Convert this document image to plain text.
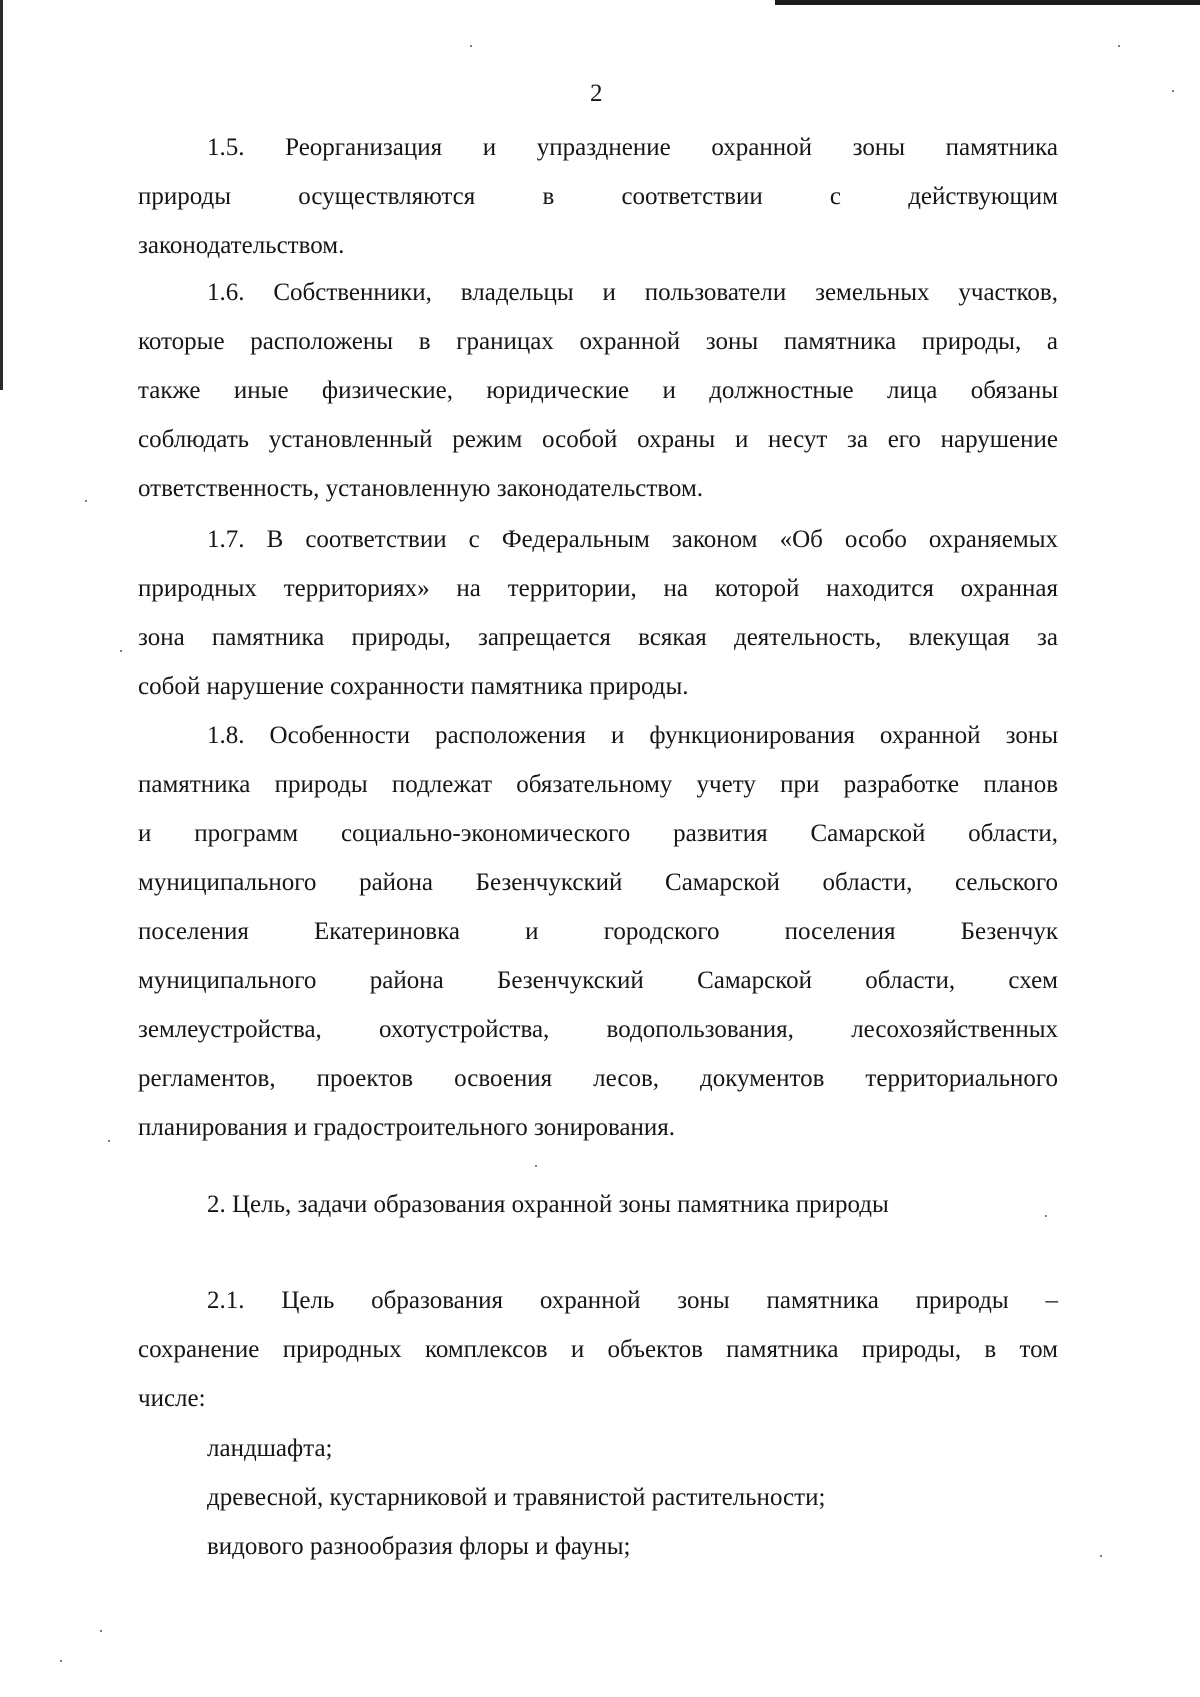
2
1.5. Реорганизация и упразднение охранной зоны памятника
природы осуществляются в соответствии с действующим
законодательством.
1.6. Собственники, владельцы и пользователи земельных участков,
которые расположены в границах охранной зоны памятника природы, а
также иные физические, юридические и должностные лица обязаны
соблюдать установленный режим особой охраны и несут за его нарушение
ответственность, установленную законодательством.
1.7. В соответствии с Федеральным законом «Об особо охраняемых
природных территориях» на территории, на которой находится охранная
зона памятника природы, запрещается всякая деятельность, влекущая за
собой нарушение сохранности памятника природы.
1.8. Особенности расположения и функционирования охранной зоны
памятника природы подлежат обязательному учету при разработке планов
и программ социально-экономического развития Самарской области,
муниципального района Безенчукский Самарской области, сельского
поселения Екатериновка и городского поселения Безенчук
муниципального района Безенчукский Самарской области, схем
землеустройства, охотустройства, водопользования, лесохозяйственных
регламентов, проектов освоения лесов, документов территориального
планирования и градостроительного зонирования.
2. Цель, задачи образования охранной зоны памятника природы
2.1. Цель образования охранной зоны памятника природы –
сохранение природных комплексов и объектов памятника природы, в том
числе:
ландшафта;
древесной, кустарниковой и травянистой растительности;
видового разнообразия флоры и фауны;
